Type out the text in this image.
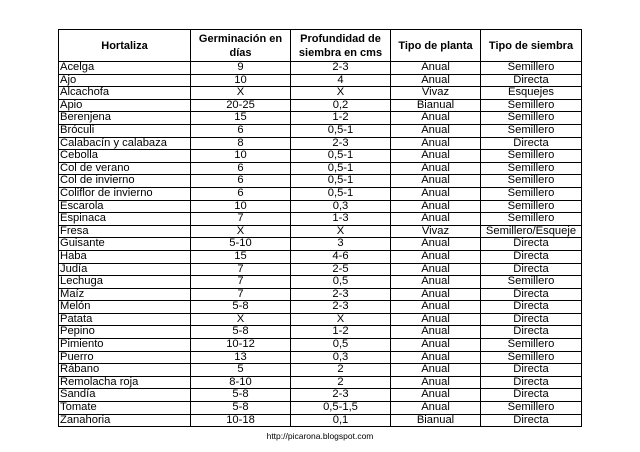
Hortaliza	Germinación en días	Profundidad de siembra en cms	Tipo de planta	Tipo de siembra
Acelga	9	2-3	Anual	Semillero
Ajo	10	4	Anual	Directa
Alcachofa	X	X	Vivaz	Esquejes
Apio	20-25	0,2	Bianual	Semillero
Berenjena	15	1-2	Anual	Semillero
Bróculi	6	0,5-1	Anual	Semillero
Calabacín y calabaza	8	2-3	Anual	Directa
Cebolla	10	0,5-1	Anual	Semillero
Col de verano	6	0,5-1	Anual	Semillero
Col de invierno	6	0,5-1	Anual	Semillero
Coliflor de invierno	6	0,5-1	Anual	Semillero
Escarola	10	0,3	Anual	Semillero
Espinaca	7	1-3	Anual	Semillero
Fresa	X	X	Vivaz	Semillero/Esqueje
Guisante	5-10	3	Anual	Directa
Haba	15	4-6	Anual	Directa
Judía	7	2-5	Anual	Directa
Lechuga	7	0,5	Anual	Semillero
Maíz	7	2-3	Anual	Directa
Melón	5-8	2-3	Anual	Directa
Patata	X	X	Anual	Directa
Pepino	5-8	1-2	Anual	Directa
Pimiento	10-12	0,5	Anual	Semillero
Puerro	13	0,3	Anual	Semillero
Rábano	5	2	Anual	Directa
Remolacha roja	8-10	2	Anual	Directa
Sandía	5-8	2-3	Anual	Directa
Tomate	5-8	0,5-1,5	Anual	Semillero
Zanahoria	10-18	0,1	Bianual	Directa
http://picarona.blogspot.com
